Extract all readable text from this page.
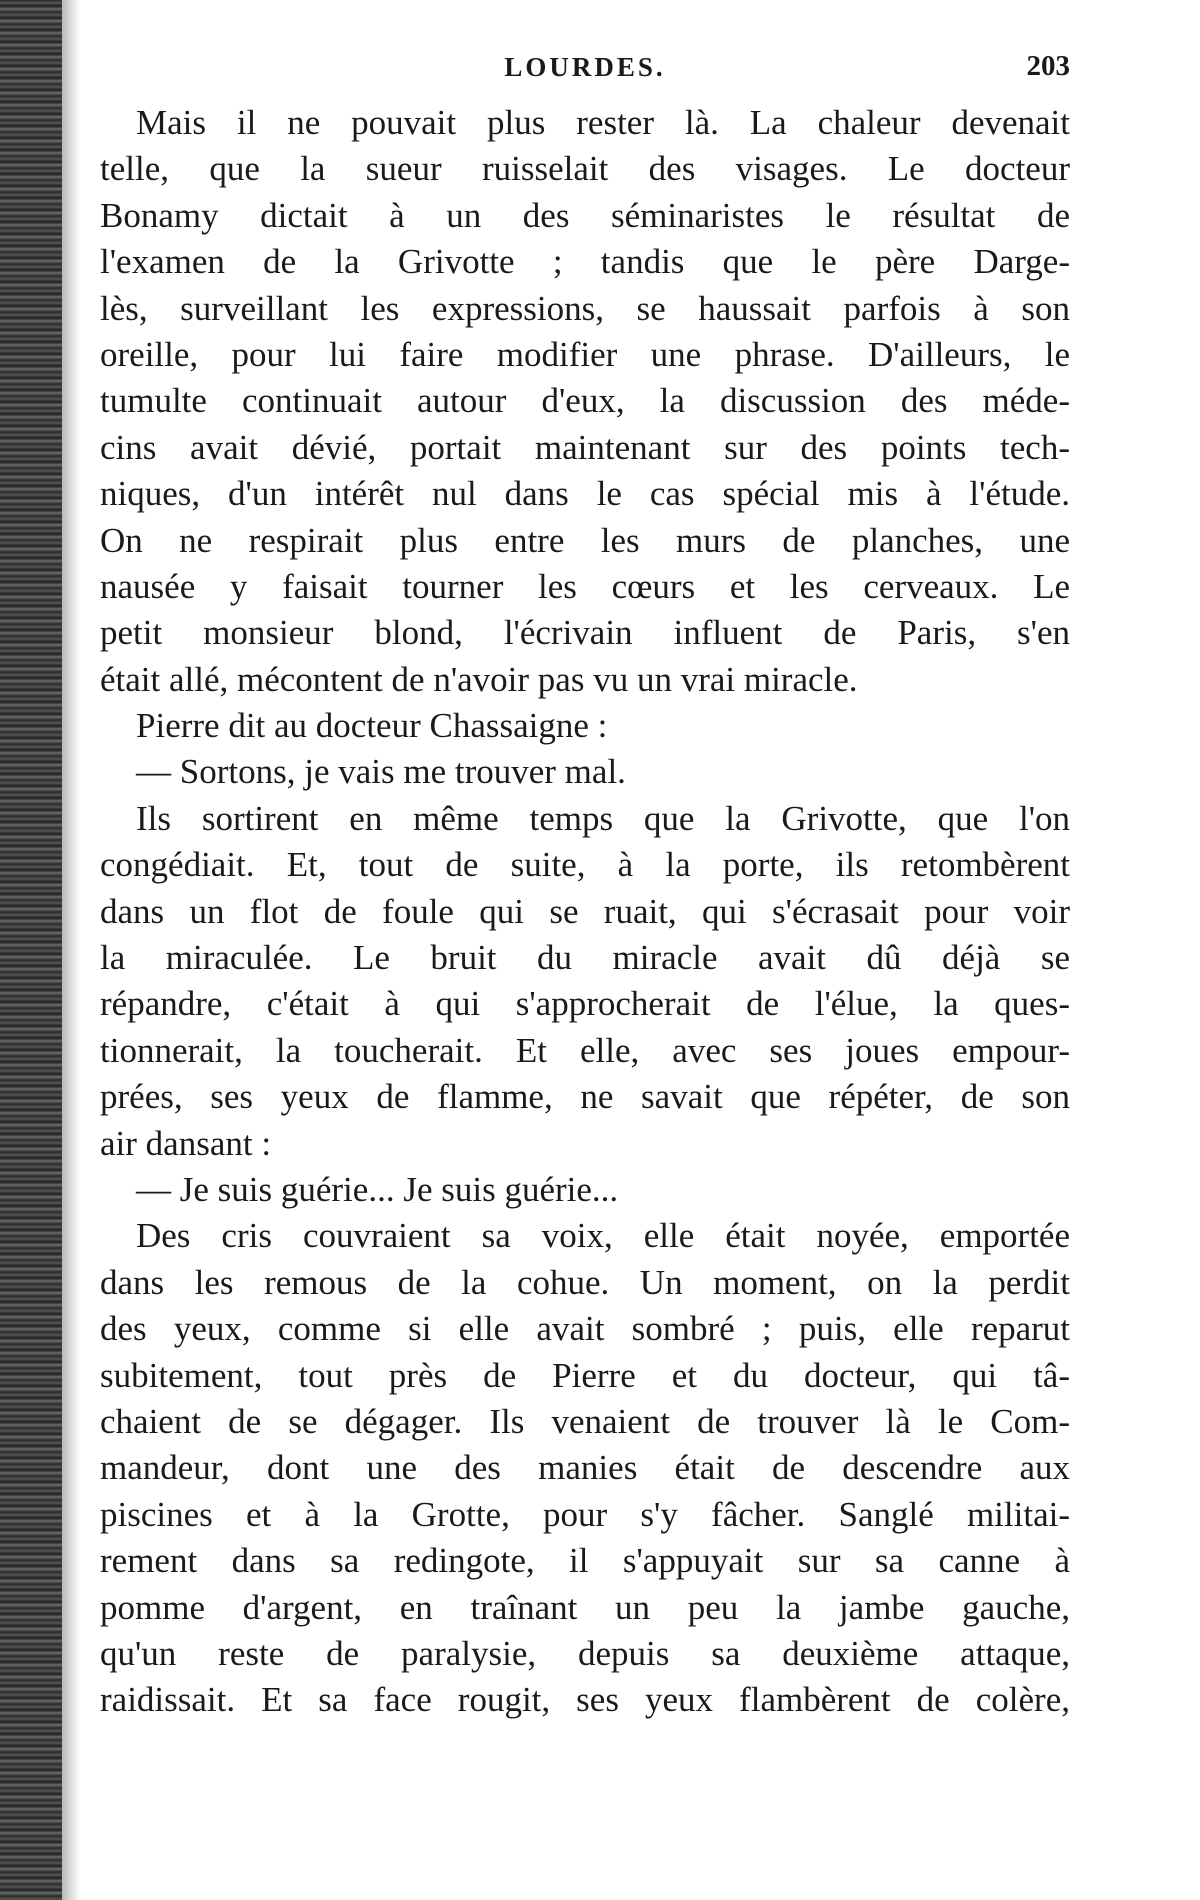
LOURDES.	203
Mais il ne pouvait plus rester là. La chaleur devenait
telle, que la sueur ruisselait des visages. Le docteur
Bonamy dictait à un des séminaristes le résultat de
l'examen de la Grivotte ; tandis que le père Darge-
lès, surveillant les expressions, se haussait parfois à son
oreille, pour lui faire modifier une phrase. D'ailleurs, le
tumulte continuait autour d'eux, la discussion des méde-
cins avait dévié, portait maintenant sur des points tech-
niques, d'un intérêt nul dans le cas spécial mis à l'étude.
On ne respirait plus entre les murs de planches, une
nausée y faisait tourner les cœurs et les cerveaux. Le
petit monsieur blond, l'écrivain influent de Paris, s'en
était allé, mécontent de n'avoir pas vu un vrai miracle.
Pierre dit au docteur Chassaigne :
— Sortons, je vais me trouver mal.
Ils sortirent en même temps que la Grivotte, que l'on
congédiait. Et, tout de suite, à la porte, ils retombèrent
dans un flot de foule qui se ruait, qui s'écrasait pour voir
la miraculée. Le bruit du miracle avait dû déjà se
répandre, c'était à qui s'approcherait de l'élue, la ques-
tionnerait, la toucherait. Et elle, avec ses joues empour-
prées, ses yeux de flamme, ne savait que répéter, de son
air dansant :
— Je suis guérie... Je suis guérie...
Des cris couvraient sa voix, elle était noyée, emportée
dans les remous de la cohue. Un moment, on la perdit
des yeux, comme si elle avait sombré ; puis, elle reparut
subitement, tout près de Pierre et du docteur, qui tâ-
chaient de se dégager. Ils venaient de trouver là le Com-
mandeur, dont une des manies était de descendre aux
piscines et à la Grotte, pour s'y fâcher. Sanglé militai-
rement dans sa redingote, il s'appuyait sur sa canne à
pomme d'argent, en traînant un peu la jambe gauche,
qu'un reste de paralysie, depuis sa deuxième attaque,
raidissait. Et sa face rougit, ses yeux flambèrent de colère,
